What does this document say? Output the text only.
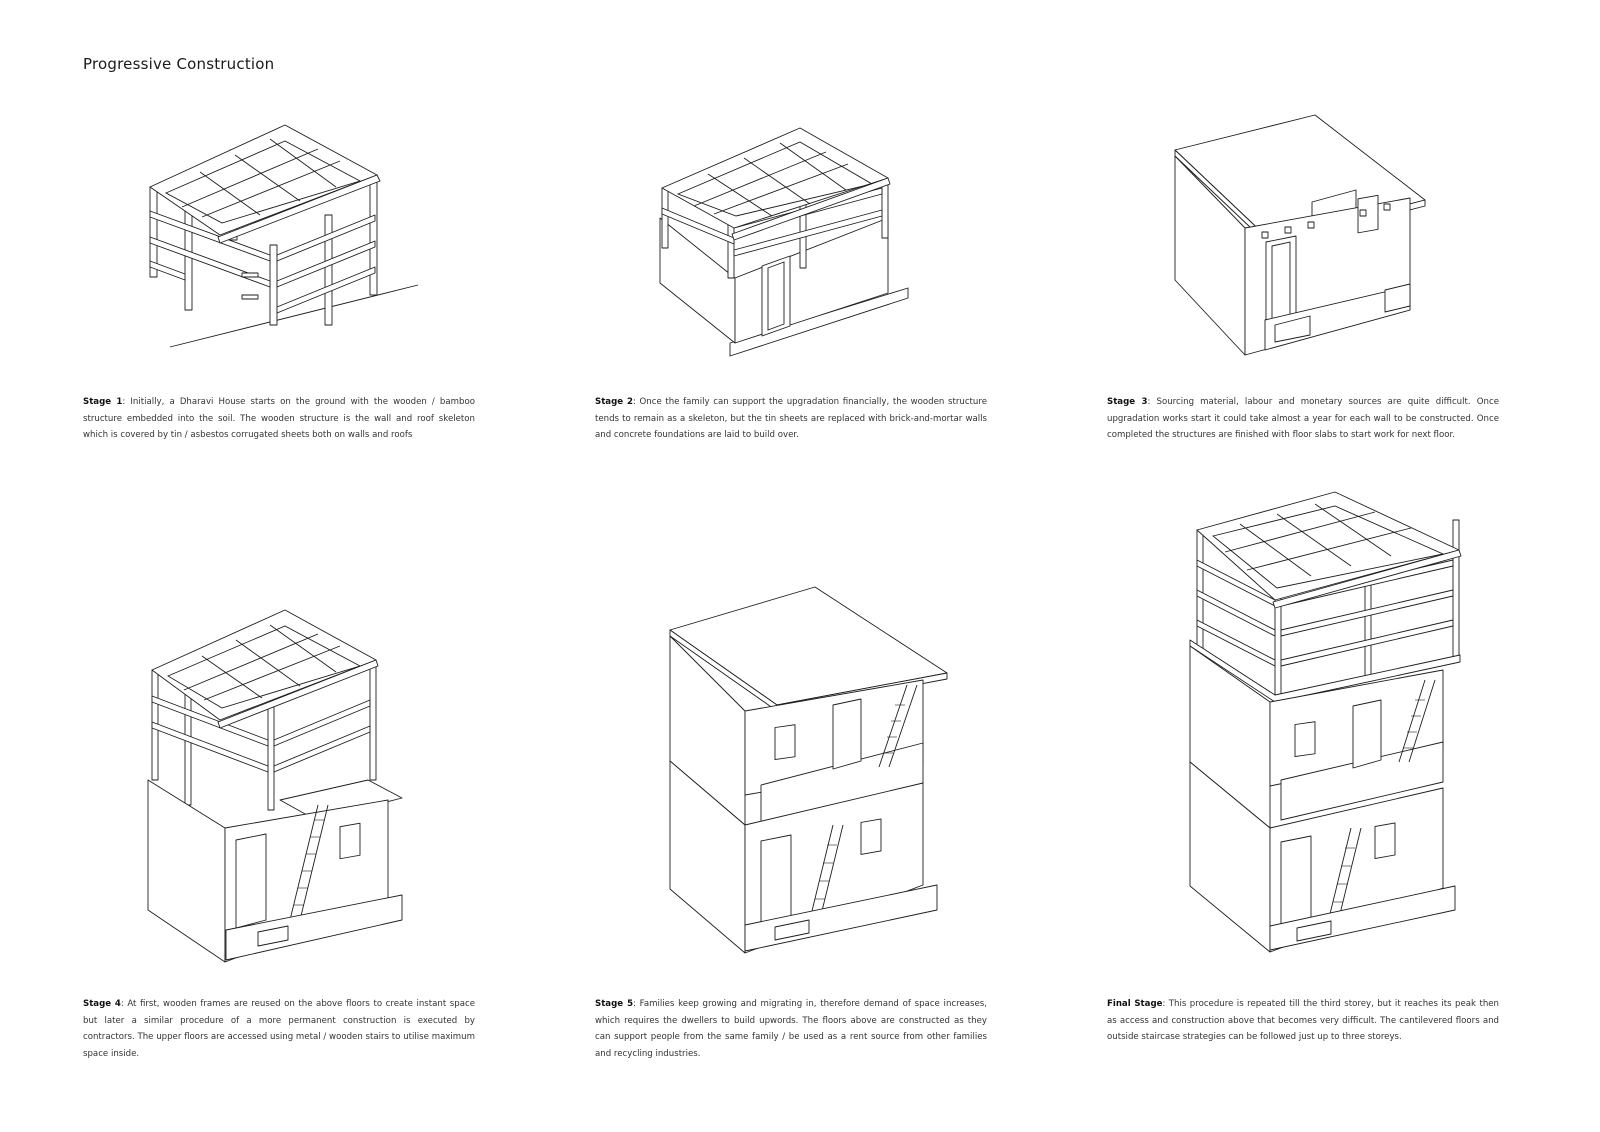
Progressive Construction
Stage 1: Initially, a Dharavi House starts on the ground with the wooden / bamboo structure embedded into the soil. The wooden structure is the wall and roof skeleton which is covered by tin / asbestos corrugated sheets both on walls and roofs
Stage 2: Once the family can support the upgradation financially, the wooden structure tends to remain as a skeleton, but the tin sheets are replaced with brick-and-mortar walls and concrete foundations are laid to build over.
Stage 3: Sourcing material, labour and monetary sources are quite difficult. Once upgradation works start it could take almost a year for each wall to be constructed. Once completed the structures are finished with floor slabs to start work for next floor.
Stage 4: At first, wooden frames are reused on the above floors to create instant space but later a similar procedure of a more permanent construction is executed by contractors. The upper floors are accessed using metal / wooden stairs to utilise maximum space inside.
Stage 5: Families keep growing and migrating in, therefore demand of space increases, which requires the dwellers to build upwords. The floors above are constructed as they can support people from the same family / be used as a rent source from other families and recycling industries.
Final Stage: This procedure is repeated till the third storey, but it reaches its peak then as access and construction above that becomes very difficult. The cantilevered floors and outside staircase strategies can be followed just up to three storeys.
